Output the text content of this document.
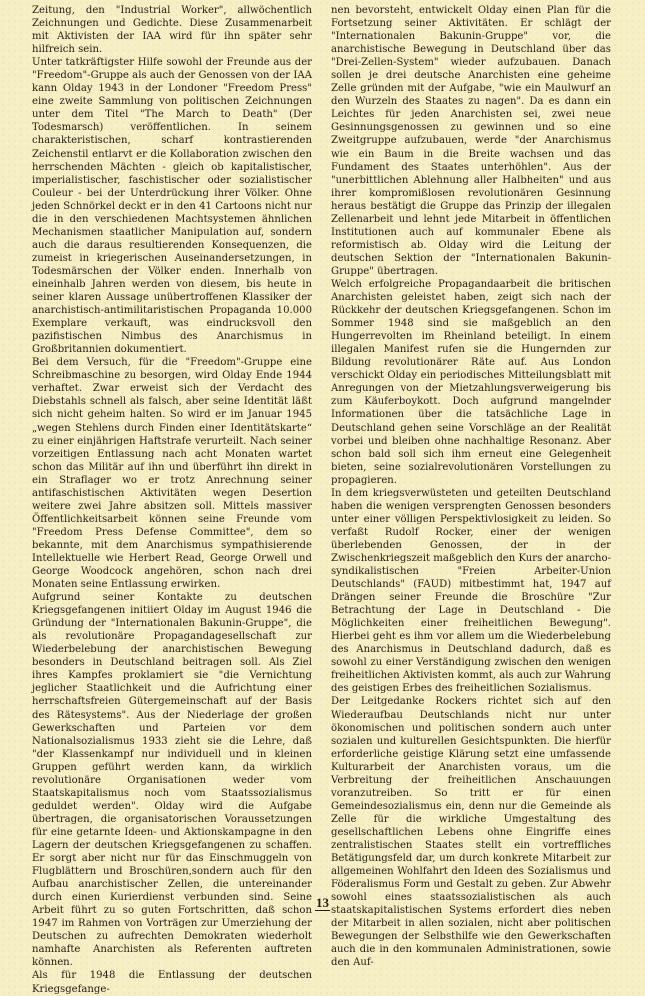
Zeitung, den "Industrial Worker", allwöchentlich Zeichnungen und Gedichte. Diese Zusammenarbeit mit Aktivisten der IAA wird für ihn später sehr hilfreich sein.

Unter tatkräftigster Hilfe sowohl der Freunde aus der "Freedom"-Gruppe als auch der Genossen von der IAA kann Olday 1943 in der Londoner "Freedom Press" eine zweite Sammlung von politischen Zeichnungen unter dem Titel "The March to Death" (Der Todesmarsch) veröffentlichen. In seinem charakteristischen, scharf kontrastierenden Zeichenstil entlarvt er die Kollaboration zwischen den herrschenden Mächten - gleich ob kapitalistischer, imperialistischer, faschistischer oder sozialistischer Couleur - bei der Unterdrückung ihrer Völker. Ohne jeden Schnörkel deckt er in den 41 Cartoons nicht nur die in den verschiedenen Machtsystemen ähnlichen Mechanismen staatlicher Manipulation auf, sondern auch die daraus resultierenden Konsequenzen, die zumeist in kriegerischen Auseinandersetzungen, in Todesmärschen der Völker enden. Innerhalb von eineinhalb Jahren werden von diesem, bis heute in seiner klaren Aussage unübertroffenen Klassiker der anarchistisch-antimilitaristischen Propaganda 10.000 Exemplare verkauft, was eindrucksvoll den pazifistischen Nimbus des Anarchismus in Großbritannien dokumentiert.

Bei dem Versuch, für die "Freedom"-Gruppe eine Schreibmaschine zu besorgen, wird Olday Ende 1944 verhaftet. Zwar erweist sich der Verdacht des Diebstahls schnell als falsch, aber seine Identität läßt sich nicht geheim halten. So wird er im Januar 1945 „wegen Stehlens durch Finden einer Identitätskarte“ zu einer einjährigen Haftstrafe verurteilt. Nach seiner vorzeitigen Entlassung nach acht Monaten wartet schon das Militär auf ihn und überführt ihn direkt in ein Straflager wo er trotz Anrechnung seiner antifaschistischen Aktivitäten wegen Desertion weitere zwei Jahre absitzen soll. Mittels massiver Öffentlichkeitsarbeit können seine Freunde vom "Freedom Press Defense Committee", dem so bekannte, mit dem Anarchismus sympathisierende Intellektuelle wie Herbert Read, George Orwell und George Woodcock angehören, schon nach drei Monaten seine Entlassung erwirken.

Aufgrund seiner Kontakte zu deutschen Kriegsgefangenen initiiert Olday im August 1946 die Gründung der "Internationalen Bakunin-Gruppe", die als revolutionäre Propagandagesellschaft zur Wiederbelebung der anarchistischen Bewegung besonders in Deutschland beitragen soll. Als Ziel ihres Kampfes proklamiert sie "die Vernichtung jeglicher Staatlichkeit und die Aufrichtung einer herrschaftsfreien Gütergemeinschaft auf der Basis des Rätesystems". Aus der Niederlage der großen Gewerkschaften und Parteien vor dem Nationalsozialismus 1933 zieht sie die Lehre, daß "der Klassenkampf nur individuell und in kleinen Gruppen geführt werden kann, da wirklich revolutionäre Organisationen weder vom Staatskapitalismus noch vom Staatssozialismus geduldet werden". Olday wird die Aufgabe übertragen, die organisatorischen Voraussetzungen für eine getarnte Ideen- und Aktionskampagne in den Lagern der deutschen Kriegsgefangenen zu schaffen. Er sorgt aber nicht nur für das Einschmuggeln von Flugblättern und Broschüren,sondern auch für den Aufbau anarchistischer Zellen, die untereinander durch einen Kurierdienst verbunden sind. Seine Arbeit führt zu so guten Fortschritten, daß schon 1947 im Rahmen von Vorträgen zur Umerziehung der Deutschen zu aufrechten Demokraten wiederholt namhafte Anarchisten als Referenten auftreten können.

Als für 1948 die Entlassung der deutschen Kriegsgefange-

nen bevorsteht, entwickelt Olday einen Plan für die Fortsetzung seiner Aktivitäten. Er schlägt der "Internationalen Bakunin-Gruppe" vor, die anarchistische Bewegung in Deutschland über das "Drei-Zellen-System" wieder aufzubauen. Danach sollen je drei deutsche Anarchisten eine geheime Zelle gründen mit der Aufgabe, "wie ein Maulwurf an den Wurzeln des Staates zu nagen". Da es dann ein Leichtes für jeden Anarchisten sei, zwei neue Gesinnungsgenossen zu gewinnen und so eine Zweitgruppe aufzubauen, werde "der Anarchismus wie ein Baum in die Breite wachsen und das Fundament des Staates unterhöhlen". Aus der "unerbittlichen Ablehnung aller Halbheiten" und aus ihrer kompromißlosen revolutionären Gesinnung heraus bestätigt die Gruppe das Prinzip der illegalen Zellenarbeit und lehnt jede Mitarbeit in öffentlichen Institutionen auch auf kommunaler Ebene als reformistisch ab. Olday wird die Leitung der deutschen Sektion der "Internationalen Bakunin-Gruppe" übertragen.

Welch erfolgreiche Propagandaarbeit die britischen Anarchisten geleistet haben, zeigt sich nach der Rückkehr der deutschen Kriegsgefangenen. Schon im Sommer 1948 sind sie maßgeblich an den Hungerrevolten im Rheinland beteiligt. In einem illegalen Manifest rufen sie die Hungernden zur Bildung revolutionärer Räte auf. Aus London verschickt Olday ein periodisches Mitteilungsblatt mit Anregungen von der Mietzahlungsverweigerung bis zum Käuferboykott. Doch aufgrund mangelnder Informationen über die tatsächliche Lage in Deutschland gehen seine Vorschläge an der Realität vorbei und bleiben ohne nachhaltige Resonanz. Aber schon bald soll sich ihm erneut eine Gelegenheit bieten, seine sozialrevolutionären Vorstellungen zu propagieren.

In dem kriegsverwüsteten und geteilten Deutschland haben die wenigen versprengten Genossen besonders unter einer völligen Perspektivlosigkeit zu leiden. So verfaßt Rudolf Rocker, einer der wenigen überlebenden Genossen, der in der Zwischenkriegszeit maßgeblich den Kurs der anarcho-syndikalistischen "Freien Arbeiter-Union Deutschlands" (FAUD) mitbestimmt hat, 1947 auf Drängen seiner Freunde die Broschüre "Zur Betrachtung der Lage in Deutschland - Die Möglichkeiten einer freiheitlichen Bewegung". Hierbei geht es ihm vor allem um die Wiederbelebung des Anarchismus in Deutschland dadurch, daß es sowohl zu einer Verständigung zwischen den wenigen freiheitlichen Aktivisten kommt, als auch zur Wahrung des geistigen Erbes des freiheitlichen Sozialismus.

Der Leitgedanke Rockers richtet sich auf den Wiederaufbau Deutschlands nicht nur unter ökonomischen und politischen sondern auch unter sozialen und kulturellen Gesichtspunkten. Die hierfür erforderliche geistige Klärung setzt eine umfassende Kulturarbeit der Anarchisten voraus, um die Verbreitung der freiheitlichen Anschauungen voranzutreiben. So tritt er für einen Gemeindesozialismus ein, denn nur die Gemeinde als Zelle für die wirkliche Umgestaltung des gesellschaftlichen Lebens ohne Eingriffe eines zentralistischen Staates stellt ein vortreffliches Betätigungsfeld dar, um durch konkrete Mitarbeit zur allgemeinen Wohlfahrt den Ideen des Sozialismus und Föderalismus Form und Gestalt zu geben. Zur Abwehr sowohl eines staatssozialistischen als auch staatskapitalistischen Systems erfordert dies neben der Mitarbeit in allen sozialen, nicht aber politischen Bewegungen der Selbsthilfe wie den Gewerkschaften auch die in den kommunalen Administrationen, sowie den Auf-

13
